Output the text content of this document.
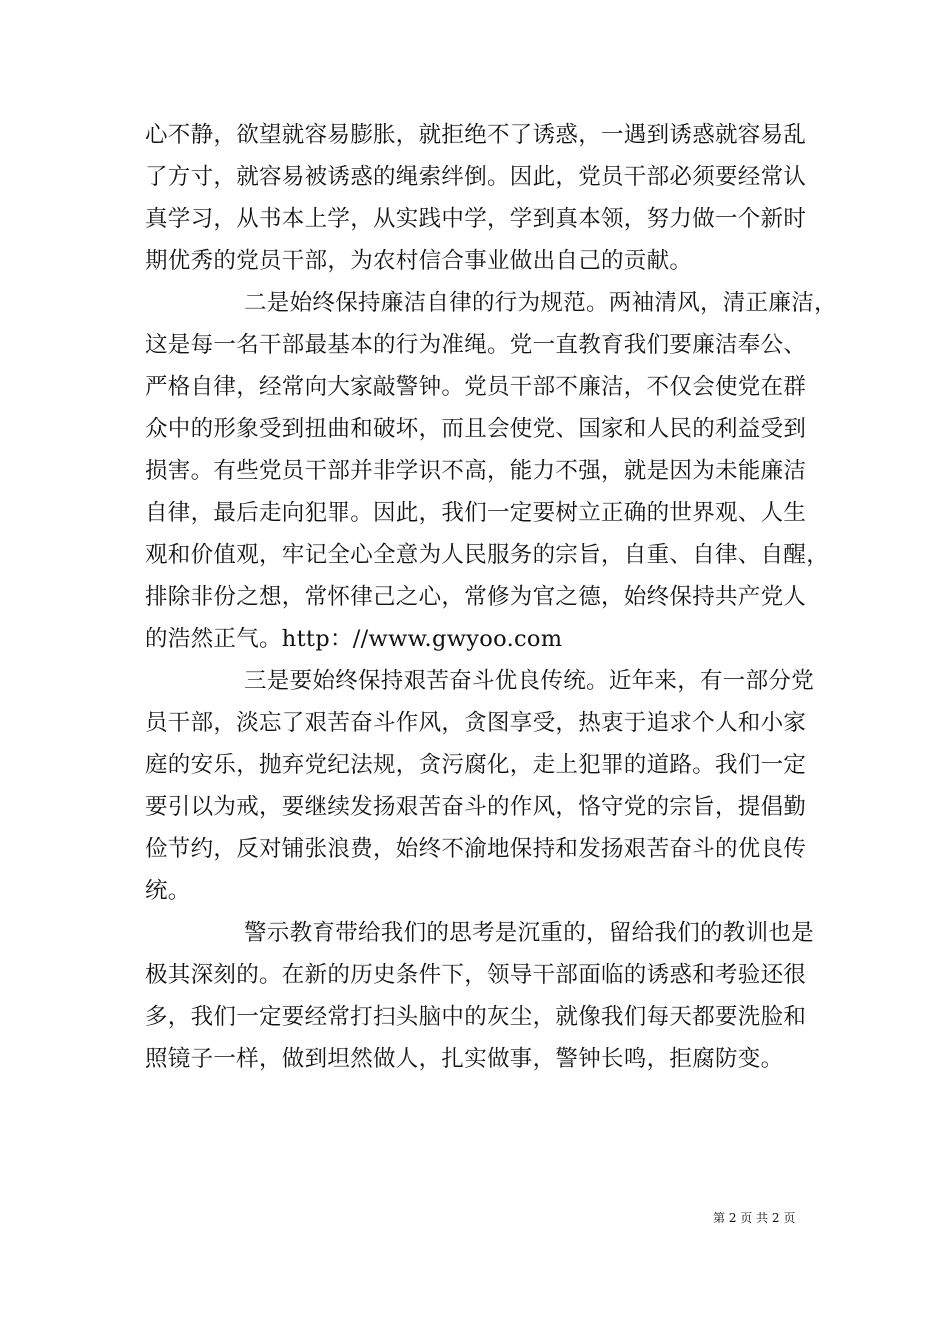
心不静，欲望就容易膨胀，就拒绝不了诱惑，一遇到诱惑就容易乱
了方寸，就容易被诱惑的绳索绊倒。因此，党员干部必须要经常认
真学习，从书本上学，从实践中学，学到真本领，努力做一个新时
期优秀的党员干部，为农村信合事业做出自己的贡献。
二是始终保持廉洁自律的行为规范。两袖清风，清正廉洁，
这是每一名干部最基本的行为准绳。党一直教育我们要廉洁奉公、
严格自律，经常向大家敲警钟。党员干部不廉洁，不仅会使党在群
众中的形象受到扭曲和破坏，而且会使党、国家和人民的利益受到
损害。有些党员干部并非学识不高，能力不强，就是因为未能廉洁
自律，最后走向犯罪。因此，我们一定要树立正确的世界观、人生
观和价值观，牢记全心全意为人民服务的宗旨，自重、自律、自醒，
排除非份之想，常怀律己之心，常修为官之德，始终保持共产党人
的浩然正气。http：//www.gwyoo.com
三是要始终保持艰苦奋斗优良传统。近年来，有一部分党
员干部，淡忘了艰苦奋斗作风，贪图享受，热衷于追求个人和小家
庭的安乐，抛弃党纪法规，贪污腐化，走上犯罪的道路。我们一定
要引以为戒，要继续发扬艰苦奋斗的作风，恪守党的宗旨，提倡勤
俭节约，反对铺张浪费，始终不渝地保持和发扬艰苦奋斗的优良传
统。
警示教育带给我们的思考是沉重的，留给我们的教训也是
极其深刻的。在新的历史条件下，领导干部面临的诱惑和考验还很
多，我们一定要经常打扫头脑中的灰尘，就像我们每天都要洗脸和
照镜子一样，做到坦然做人，扎实做事，警钟长鸣，拒腐防变。
第 2 页 共 2 页
